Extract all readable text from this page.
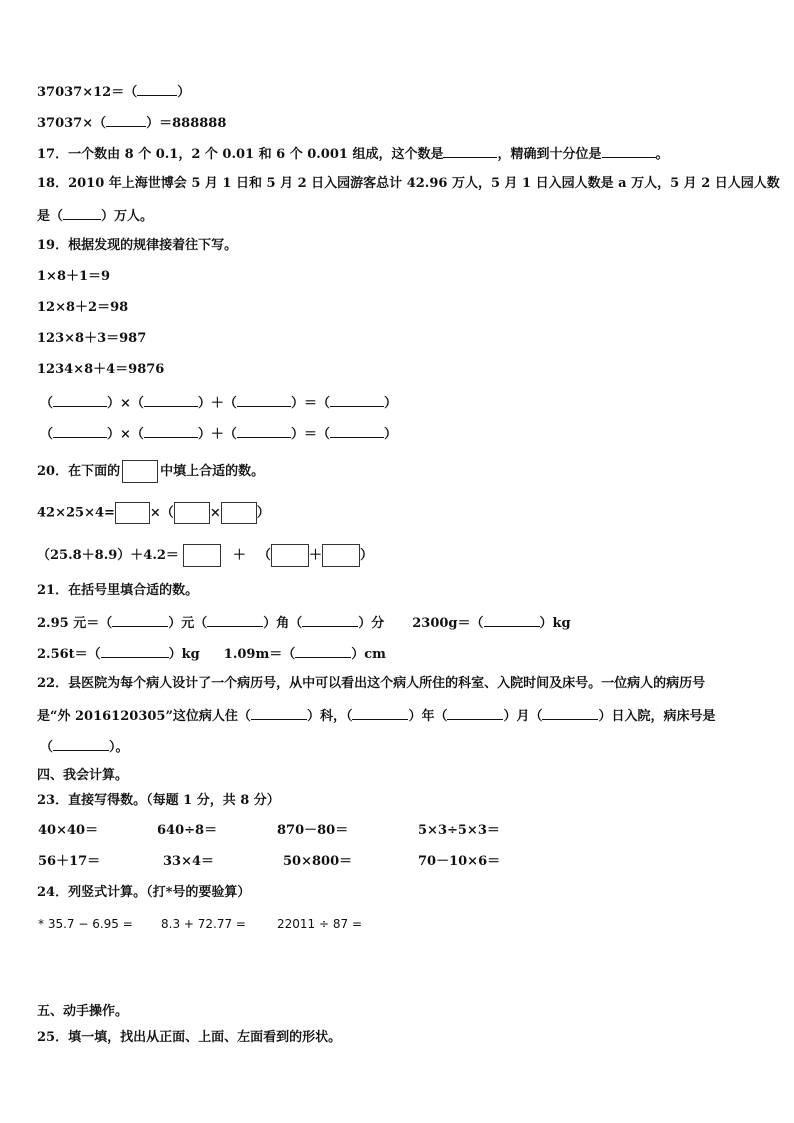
37037×12＝（	）
37037×（	）＝888888
17．一个数由 8 个 0.1，2 个 0.01 和 6 个 0.001 组成，这个数是	，精确到十分位是	。
18．2010 年上海世博会 5 月 1 日和 5 月 2 日入园游客总计 42.96 万人，5 月 1 日入园人数是 a 万人，5 月 2 日人园人数
是（	）万人。
19．根据发现的规律接着往下写。
1×8＋1＝9
12×8＋2＝98
123×8＋3＝987
1234×8＋4＝9876
（	）×（	）＋（	）＝（	）
（	）×（	）＋（	）＝（	）
20．在下面的	中填上合适的数。
42×25×4=	×（	×	）
（25.8＋8.9）＋4.2＝	＋ （	＋	）
21．在括号里填合适的数。
2.95 元＝（	）元（	）角（	）分 2300g＝（	）kg
2.56t＝（	）kg 1.09m＝（	）cm
22．县医院为每个病人设计了一个病历号，从中可以看出这个病人所住的科室、入院时间及床号。一位病人的病历号
是“外 2016120305”这位病人住（	）科，（	）年（	）月（	）日入院，病床号是
（	）。
四、我会计算。
23．直接写得数。（每题 1 分，共 8 分）
40×40＝	640÷8＝	870－80＝	5×3÷5×3＝
56＋17＝	33×4＝	50×800＝	70－10×6＝
24．列竖式计算。（打*号的要验算）
* 35.7 − 6.95 = 8.3 + 72.77 =	22011 ÷ 87 =
五、动手操作。
25．填一填，找出从正面、上面、左面看到的形状。
